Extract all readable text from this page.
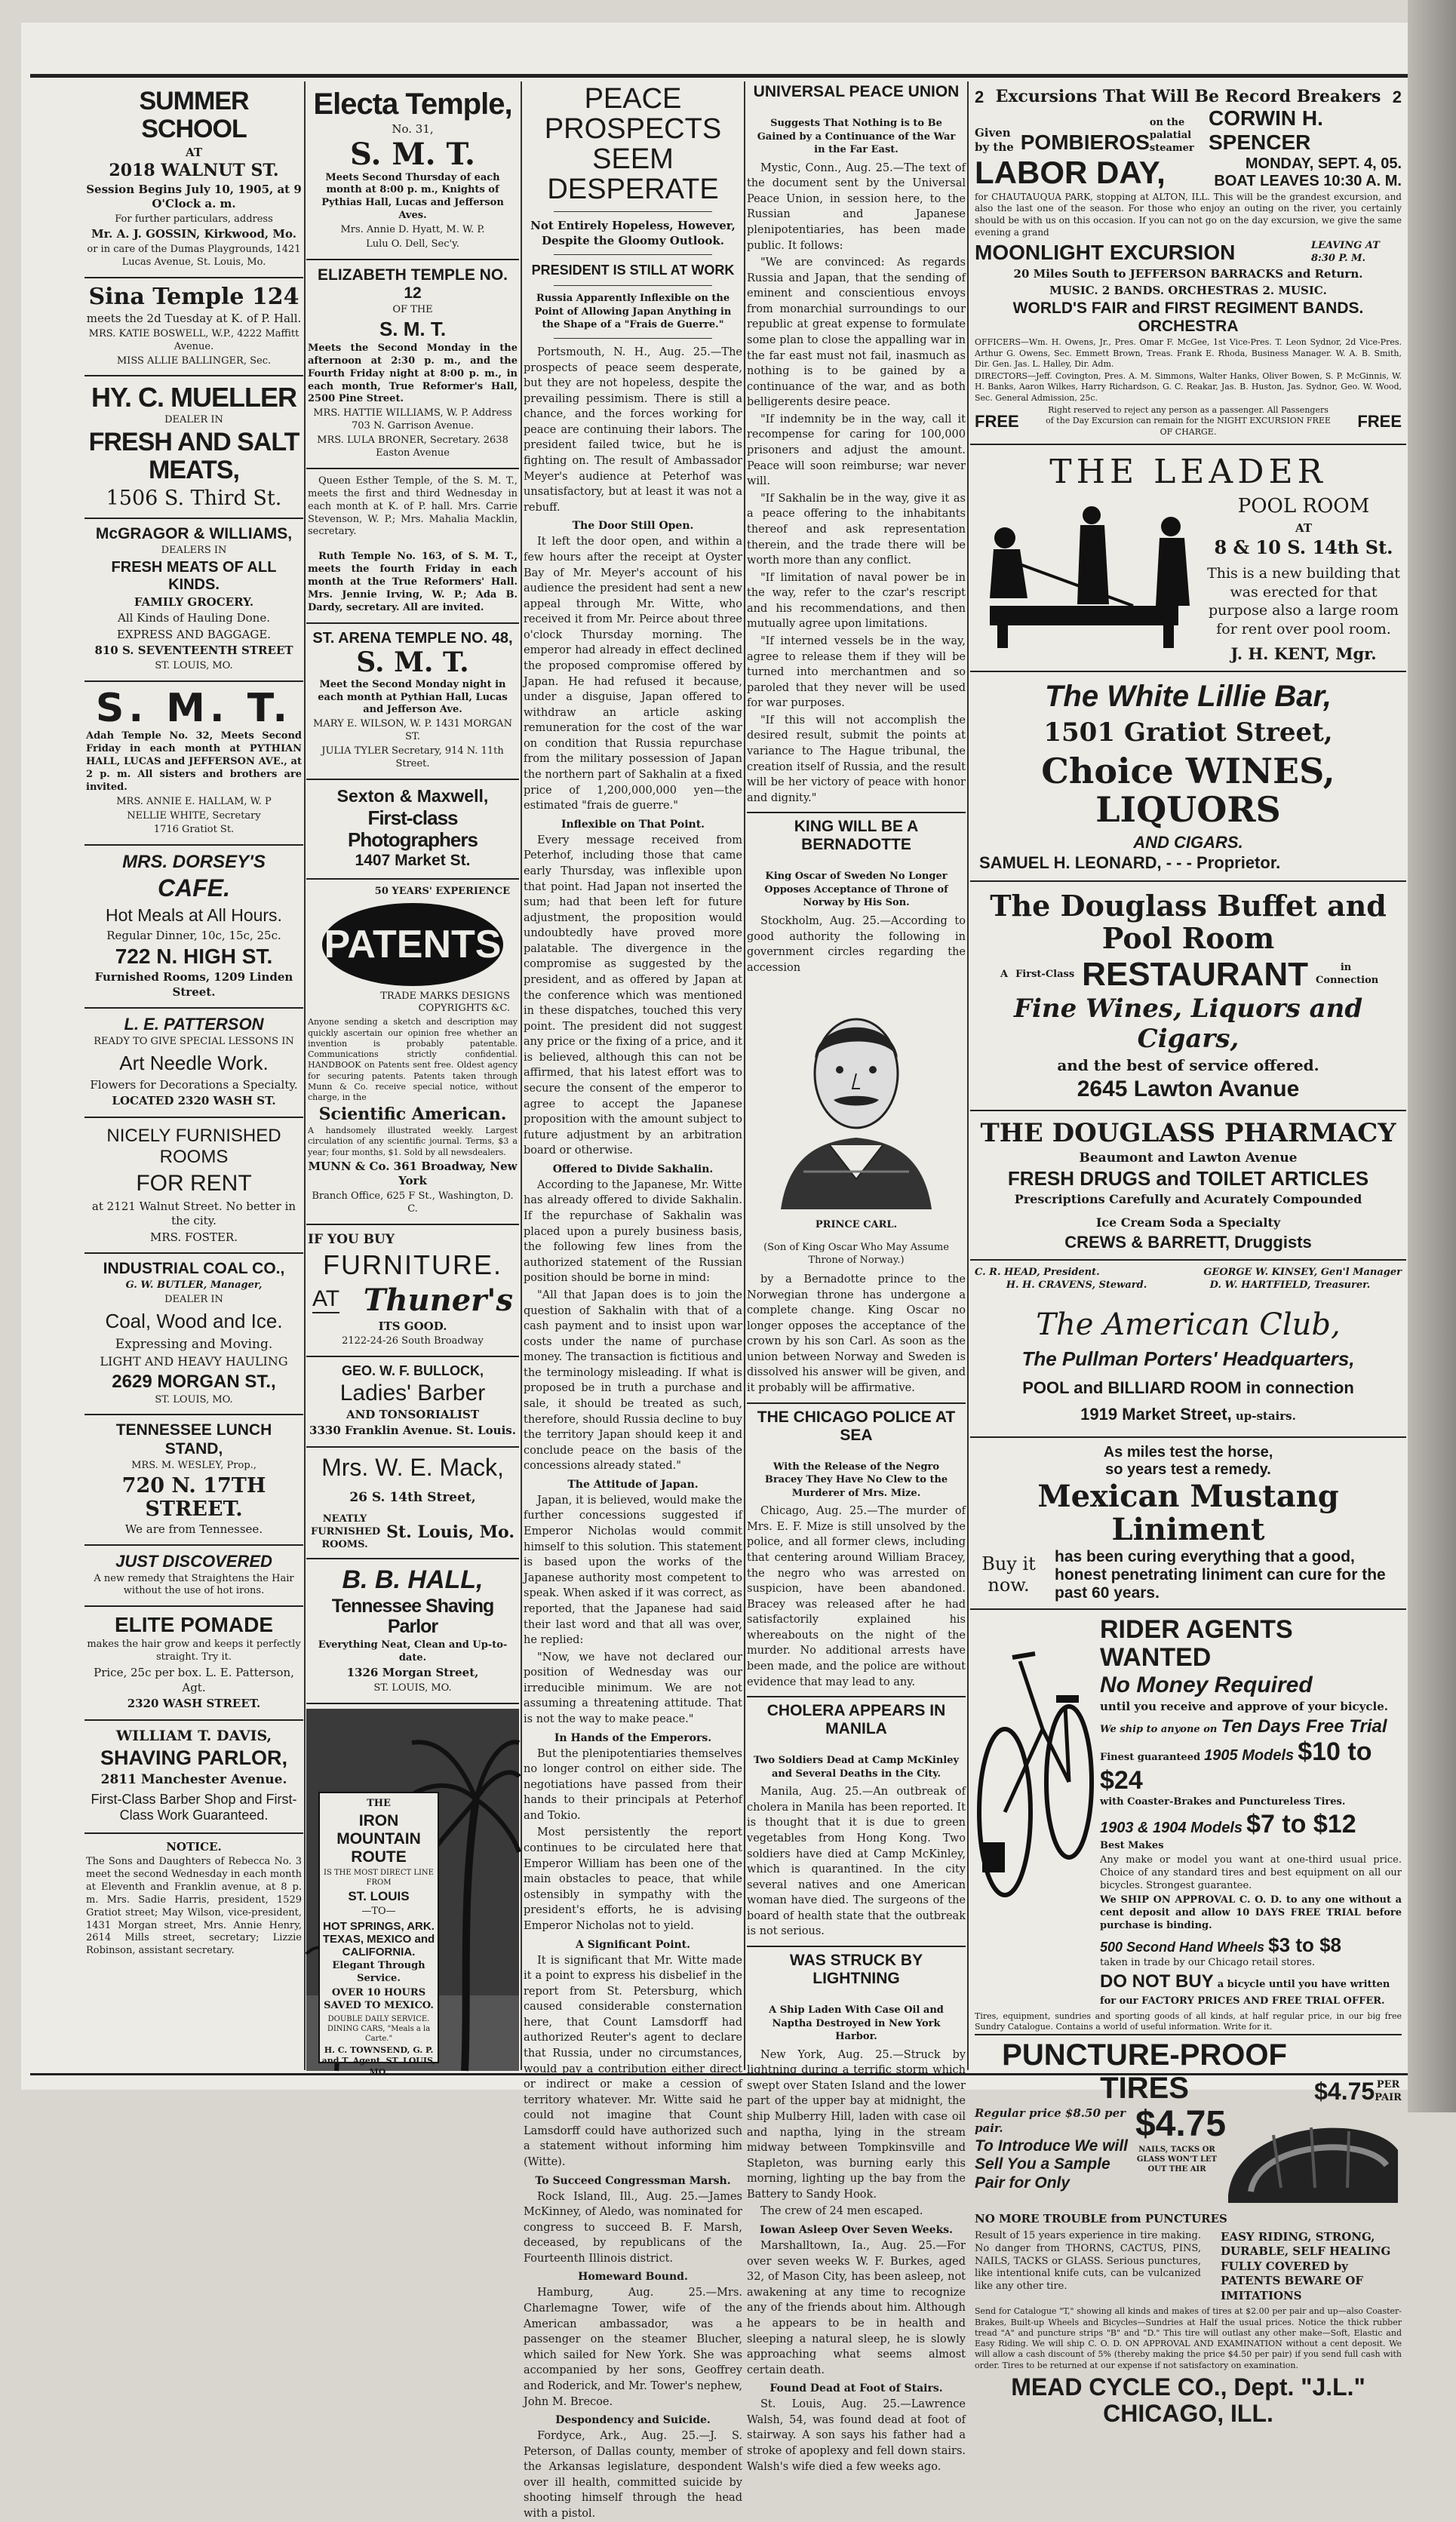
SUMMER SCHOOL

AT

2018 WALNUT ST.

Session Begins July 10, 1905, at 9 O'Clock a. m.

For further particulars, address

Mr. A. J. GOSSIN, Kirkwood, Mo.

or in care of the Dumas Playgrounds, 1421 Lucas Avenue, St. Louis, Mo.

Sina Temple 124

meets the 2d Tuesday at K. of P. Hall.

MRS. KATIE BOSWELL, W.P., 4222 Maffitt Avenue.

MISS ALLIE BALLINGER, Sec.

HY. C. MUELLER

DEALER IN

FRESH AND SALT MEATS,

1506 S. Third St.

McGRAGOR & WILLIAMS,

DEALERS IN

FRESH MEATS OF ALL KINDS.

FAMILY GROCERY.

All Kinds of Hauling Done.

EXPRESS AND BAGGAGE.

810 S. SEVENTEENTH STREET

ST. LOUIS, MO.

S. M. T.

Adah Temple No. 32, Meets Second Friday in each month at PYTHIAN HALL, LUCAS and JEFFERSON AVE., at 2 p. m. All sisters and brothers are invited.

MRS. ANNIE E. HALLAM, W. P

NELLIE WHITE, Secretary

1716 Gratiot St.

MRS. DORSEY'S

CAFE.

Hot Meals at All Hours.

Regular Dinner, 10c, 15c, 25c.

722 N. HIGH ST.

Furnished Rooms, 1209 Linden Street.

L. E. PATTERSON

READY TO GIVE SPECIAL LESSONS IN

Art Needle Work.

Flowers for Decorations a Specialty.

LOCATED 2320 WASH ST.

NICELY FURNISHED ROOMS

FOR RENT

at 2121 Walnut Street. No better in the city.

MRS. FOSTER.

INDUSTRIAL COAL CO.,

G. W. BUTLER, Manager,

DEALER IN

Coal, Wood and Ice.

Expressing and Moving.

LIGHT AND HEAVY HAULING

2629 MORGAN ST.,

ST. LOUIS, MO.

TENNESSEE LUNCH STAND,

MRS. M. WESLEY, Prop.,

720 N. 17TH STREET.

We are from Tennessee.

JUST DISCOVERED

A new remedy that Straightens the Hair without the use of hot irons.

ELITE POMADE

makes the hair grow and keeps it perfectly straight. Try it.

Price, 25c per box. L. E. Patterson, Agt.

2320 WASH STREET.

WILLIAM T. DAVIS,

SHAVING PARLOR,

2811 Manchester Avenue.

First-Class Barber Shop and First-Class Work Guaranteed.

NOTICE.

The Sons and Daughters of Rebecca No. 3 meet the second Wednesday in each month at Eleventh and Franklin avenue, at 8 p. m. Mrs. Sadie Harris, president, 1529 Gratiot street; May Wilson, vice-president, 1431 Morgan street, Mrs. Annie Henry, 2614 Mills street, secretary; Lizzie Robinson, assistant secretary.

Electa Temple,

No. 31,

S. M. T.

Meets Second Thursday of each month at 8:00 p. m., Knights of Pythias Hall, Lucas and Jefferson Aves.

Mrs. Annie D. Hyatt, M. W. P.

Lulu O. Dell, Sec'y.

ELIZABETH TEMPLE NO. 12

OF THE

S. M. T.

Meets the Second Monday in the afternoon at 2:30 p. m., and the Fourth Friday night at 8:00 p. m., in each month, True Reformer's Hall, 2500 Pine Street.

MRS. HATTIE WILLIAMS, W. P. Address 703 N. Garrison Avenue.

MRS. LULA BRONER, Secretary. 2638 Easton Avenue

Queen Esther Temple, of the S. M. T., meets the first and third Wednesday in each month at K. of P. hall. Mrs. Carrie Stevenson, W. P.; Mrs. Mahalia Macklin, secretary.

Ruth Temple No. 163, of S. M. T., meets the fourth Friday in each month at the True Reformers' Hall. Mrs. Jennie Irving, W. P.; Ada B. Dardy, secretary. All are invited.

ST. ARENA TEMPLE NO. 48,

S. M. T.

Meet the Second Monday night in each month at Pythian Hall, Lucas and Jefferson Ave.

MARY E. WILSON, W. P. 1431 MORGAN ST.

JULIA TYLER Secretary, 914 N. 11th Street.

Sexton & Maxwell,

First-class Photographers

1407 Market St.

50 YEARS' EXPERIENCE

PATENTS

TRADE MARKS DESIGNS COPYRIGHTS &C.

Anyone sending a sketch and description may quickly ascertain our opinion free whether an invention is probably patentable. Communications strictly confidential. HANDBOOK on Patents sent free. Oldest agency for securing patents. Patents taken through Munn & Co. receive special notice, without charge, in the

Scientific American.

A handsomely illustrated weekly. Largest circulation of any scientific journal. Terms, $3 a year; four months, $1. Sold by all newsdealers.

MUNN & Co. 361 Broadway, New York

Branch Office, 625 F St., Washington, D. C.

IF YOU BUY

FURNITURE.

AT Thuner's

ITS GOOD.

2122-24-26 South Broadway

GEO. W. F. BULLOCK,

Ladies' Barber

AND TONSORIALIST

3330 Franklin Avenue. St. Louis.

Mrs. W. E. Mack,

26 S. 14th Street,

NEATLY FURNISHED ROOMS.
St. Louis, Mo.

B. B. HALL,

Tennessee Shaving Parlor

Everything Neat, Clean and Up-to-date.

1326 Morgan Street,

ST. LOUIS, MO.

THE

IRON MOUNTAIN ROUTE

IS THE MOST DIRECT LINE FROM

ST. LOUIS

—TO—

HOT SPRINGS, ARK. TEXAS, MEXICO and CALIFORNIA.

Elegant Through Service.

OVER 10 HOURS SAVED TO MEXICO.

DOUBLE DAILY SERVICE. DINING CARS, "Meals a la Carte."

H. C. TOWNSEND, G. P. and T. Agent. ST. LOUIS, MO.

PEACE PROSPECTS SEEM DESPERATE

Not Entirely Hopeless, However, Despite the Gloomy Outlook.

PRESIDENT IS STILL AT WORK

Russia Apparently Inflexible on the Point of Allowing Japan Anything in the Shape of a "Frais de Guerre."

Portsmouth, N. H., Aug. 25.—The prospects of peace seem desperate, but they are not hopeless, despite the prevailing pessimism. There is still a chance, and the forces working for peace are continuing their labors. The president failed twice, but he is fighting on. The result of Ambassador Meyer's audience at Peterhof was unsatisfactory, but at least it was not a rebuff.

The Door Still Open.

It left the door open, and within a few hours after the receipt at Oyster Bay of Mr. Meyer's account of his audience the president had sent a new appeal through Mr. Witte, who received it from Mr. Peirce about three o'clock Thursday morning. The emperor had already in effect declined the proposed compromise offered by Japan. He had refused it because, under a disguise, Japan offered to withdraw an article asking remuneration for the cost of the war on condition that Russia repurchase from the military possession of Japan the northern part of Sakhalin at a fixed price of 1,200,000,000 yen—the estimated "frais de guerre."

Inflexible on That Point.

Every message received from Peterhof, including those that came early Thursday, was inflexible upon that point. Had Japan not inserted the sum; had that been left for future adjustment, the proposition would undoubtedly have proved more palatable. The divergence in the compromise as suggested by the president, and as offered by Japan at the conference which was mentioned in these dispatches, touched this very point. The president did not suggest any price or the fixing of a price, and it is believed, although this can not be affirmed, that his latest effort was to secure the consent of the emperor to agree to accept the Japanese proposition with the amount subject to future adjustment by an arbitration board or otherwise.

Offered to Divide Sakhalin.

According to the Japanese, Mr. Witte has already offered to divide Sakhalin. If the repurchase of Sakhalin was placed upon a purely business basis, the following few lines from the authorized statement of the Russian position should be borne in mind:

"All that Japan does is to join the question of Sakhalin with that of a cash payment and to insist upon war costs under the name of purchase money. The transaction is fictitious and the terminology misleading. If what is proposed be in truth a purchase and sale, it should be treated as such, therefore, should Russia decline to buy the territory Japan should keep it and conclude peace on the basis of the concessions already stated."

The Attitude of Japan.

Japan, it is believed, would make the further concessions suggested if Emperor Nicholas would commit himself to this solution. This statement is based upon the works of the Japanese authority most competent to speak. When asked if it was correct, as reported, that the Japanese had said their last word and that all was over, he replied:

"Now, we have not declared our position of Wednesday was our irreducible minimum. We are not assuming a threatening attitude. That is not the way to make peace."

In Hands of the Emperors.

But the plenipotentiaries themselves no longer control on either side. The negotiations have passed from their hands to their principals at Peterhof and Tokio.

Most persistently the report continues to be circulated here that Emperor William has been one of the main obstacles to peace, that while ostensibly in sympathy with the president's efforts, he is advising Emperor Nicholas not to yield.

A Significant Point.

It is significant that Mr. Witte made it a point to express his disbelief in the report from St. Petersburg, which caused considerable consternation here, that Count Lamsdorff had authorized Reuter's agent to declare that Russia, under no circumstances, would pay a contribution either direct or indirect or make a cession of territory whatever. Mr. Witte said he could not imagine that Count Lamsdorff could have authorized such a statement without informing him (Witte).

To Succeed Congressman Marsh.

Rock Island, Ill., Aug. 25.—James McKinney, of Aledo, was nominated for congress to succeed B. F. Marsh, deceased, by republicans of the Fourteenth Illinois district.

Homeward Bound.

Hamburg, Aug. 25.—Mrs. Charlemagne Tower, wife of the American ambassador, was a passenger on the steamer Blucher, which sailed for New York. She was accompanied by her sons, Geoffrey and Roderick, and Mr. Tower's nephew, John M. Brecoe.

Despondency and Suicide.

Fordyce, Ark., Aug. 25.—J. S. Peterson, of Dallas county, member of the Arkansas legislature, despondent over ill health, committed suicide by shooting himself through the head with a pistol.

UNIVERSAL PEACE UNION

Suggests That Nothing is to Be Gained by a Continuance of the War in the Far East.

Mystic, Conn., Aug. 25.—The text of the document sent by the Universal Peace Union, in session here, to the Russian and Japanese plenipotentiaries, has been made public. It follows:

"We are convinced: As regards Russia and Japan, that the sending of eminent and conscientious envoys from monarchial surroundings to our republic at great expense to formulate some plan to close the appalling war in the far east must not fail, inasmuch as nothing is to be gained by a continuance of the war, and as both belligerents desire peace.

"If indemnity be in the way, call it recompense for caring for 100,000 prisoners and adjust the amount. Peace will soon reimburse; war never will.

"If Sakhalin be in the way, give it as a peace offering to the inhabitants thereof and ask representation therein, and the trade there will be worth more than any conflict.

"If limitation of naval power be in the way, refer to the czar's rescript and his recommendations, and then mutually agree upon limitations.

"If interned vessels be in the way, agree to release them if they will be turned into merchantmen and so paroled that they never will be used for war purposes.

"If this will not accomplish the desired result, submit the points at variance to The Hague tribunal, the creation itself of Russia, and the result will be her victory of peace with honor and dignity."

KING WILL BE A BERNADOTTE

King Oscar of Sweden No Longer Opposes Acceptance of Throne of Norway by His Son.

Stockholm, Aug. 25.—According to good authority the following in government circles regarding the accession

PRINCE CARL.

(Son of King Oscar Who May Assume Throne of Norway.)

by a Bernadotte prince to the Norwegian throne has undergone a complete change. King Oscar no longer opposes the acceptance of the crown by his son Carl. As soon as the union between Norway and Sweden is dissolved his answer will be given, and it probably will be affirmative.

THE CHICAGO POLICE AT SEA

With the Release of the Negro Bracey They Have No Clew to the Murderer of Mrs. Mize.

Chicago, Aug. 25.—The murder of Mrs. E. F. Mize is still unsolved by the police, and all former clews, including that centering around William Bracey, the negro who was arrested on suspicion, have been abandoned. Bracey was released after he had satisfactorily explained his whereabouts on the night of the murder. No additional arrests have been made, and the police are without evidence that may lead to any.

CHOLERA APPEARS IN MANILA

Two Soldiers Dead at Camp McKinley and Several Deaths in the City.

Manila, Aug. 25.—An outbreak of cholera in Manila has been reported. It is thought that it is due to green vegetables from Hong Kong. Two soldiers have died at Camp McKinley, which is quarantined. In the city several natives and one American woman have died. The surgeons of the board of health state that the outbreak is not serious.

WAS STRUCK BY LIGHTNING

A Ship Laden With Case Oil and Naptha Destroyed in New York Harbor.

New York, Aug. 25.—Struck by lightning during a terrific storm which swept over Staten Island and the lower part of the upper bay at midnight, the ship Mulberry Hill, laden with case oil and naptha, lying in the stream midway between Tompkinsville and Stapleton, was burning early this morning, lighting up the bay from the Battery to Sandy Hook.

The crew of 24 men escaped.

Iowan Asleep Over Seven Weeks.

Marshalltown, Ia., Aug. 25.—For over seven weeks W. F. Burkes, aged 32, of Mason City, has been asleep, not awakening at any time to recognize any of the friends about him. Although he appears to be in health and sleeping a natural sleep, he is slowly approaching what seems almost certain death.

Found Dead at Foot of Stairs.

St. Louis, Aug. 25.—Lawrence Walsh, 54, was found dead at foot of stairway. A son says his father had a stroke of apoplexy and fell down stairs. Walsh's wife died a few weeks ago.

2 Excursions That Will Be Record Breakers 2
Given by the POMBIEROS
on the palatial steamer
CORWIN H. SPENCER
LABOR DAY,	MONDAY, SEPT. 4, 05.

BOAT LEAVES 10:30 A. M.

for CHAUTAUQUA PARK, stopping at ALTON, ILL. This will be the grandest excursion, and also the last one of the season. For those who enjoy an outing on the river, you certainly should be with us on this occasion. If you can not go on the day excursion, we give the same evening a grand

MOONLIGHT EXCURSION	LEAVING AT 8:30 P. M.

20 Miles South to JEFFERSON BARRACKS and Return.

MUSIC. 2 BANDS. ORCHESTRAS 2. MUSIC.

WORLD'S FAIR and FIRST REGIMENT BANDS. ORCHESTRA

OFFICERS—Wm. H. Owens, Jr., Pres. Omar F. McGee, 1st Vice-Pres. T. Leon Sydnor, 2d Vice-Pres. Arthur G. Owens, Sec. Emmett Brown, Treas. Frank E. Rhoda, Business Manager. W. A. B. Smith, Dir. Gen. Jas. L. Halley, Dir. Adm.

DIRECTORS—Jeff. Covington, Pres. A. M. Simmons, Walter Hanks, Oliver Bowen, S. P. McGinnis, W. H. Banks, Aaron Wilkes, Harry Richardson, G. C. Reakar, Jas. B. Huston, Jas. Sydnor, Geo. W. Wood, Sec. General Admission, 25c.

FREE
Right reserved to reject any person as a passenger. All Passengers of the Day Excursion can remain for the NIGHT EXCURSION FREE OF CHARGE.
FREE

THE LEADER

POOL ROOM

AT

8 & 10 S. 14th St.

This is a new building that was erected for that purpose also a large room for rent over pool room.

J. H. KENT, Mgr.

The White Lillie Bar,

1501 Gratiot Street,

Choice WINES, LIQUORS

AND CIGARS.

SAMUEL H. LEONARD, - - - Proprietor.

The Douglass Buffet and Pool Room

A First-Class RESTAURANT	in Connection

Fine Wines, Liquors and Cigars,

and the best of service offered.

2645 Lawton Avanue

THE DOUGLASS PHARMACY

Beaumont and Lawton Avenue

FRESH DRUGS and TOILET ARTICLES

Prescriptions Carefully and Acurately Compounded

Ice Cream Soda a Specialty

CREWS & BARRETT, Druggists

C. R. HEAD, President.	GEORGE W. KINSEY, Gen'l Manager
H. H. CRAVENS, Steward.	D. W. HARTFIELD, Treasurer.

The American Club,

The Pullman Porters' Headquarters,

POOL and BILLIARD ROOM in connection

1919 Market Street, up-stairs.

As miles test the horse,

so years test a remedy.

Mexican Mustang Liniment

Buy it now.
has been curing everything that a good, honest penetrating liniment can cure for the past 60 years.

RIDER AGENTS WANTED

No Money Required

until you receive and approve of your bicycle.

We ship to anyone on Ten Days Free Trial

Finest guaranteed 1905 Models $10 to $24

with Coaster-Brakes and Punctureless Tires.

1903 & 1904 Models $7 to $12

Best Makes

Any make or model you want at one-third usual price. Choice of any standard tires and best equipment on all our bicycles. Strongest guarantee.

We SHIP ON APPROVAL C. O. D. to any one without a cent deposit and allow 10 DAYS FREE TRIAL before purchase is binding.

500 Second Hand Wheels $3 to $8

taken in trade by our Chicago retail stores.

DO NOT BUY a bicycle until you have written for our FACTORY PRICES AND FREE TRIAL OFFER.

Tires, equipment, sundries and sporting goods of all kinds, at half regular price, in our big free Sundry Catalogue. Contains a world of useful information. Write for it.

PUNCTURE-PROOF TIRES	$4.75 PER PAIR

Regular price $8.50 per pair.

To Introduce We will Sell You a Sample Pair for Only

$4.75

NAILS, TACKS OR GLASS WON'T LET OUT THE AIR

NO MORE TROUBLE from PUNCTURES

Result of 15 years experience in tire making. No danger from THORNS, CACTUS, PINS, NAILS, TACKS or GLASS. Serious punctures, like intentional knife cuts, can be vulcanized like any other tire.

EASY RIDING, STRONG, DURABLE, SELF HEALING FULLY COVERED by PATENTS BEWARE OF IMITATIONS

Send for Catalogue "T," showing all kinds and makes of tires at $2.00 per pair and up—also Coaster-Brakes, Built-up Wheels and Bicycles—Sundries at Half the usual prices. Notice the thick rubber tread "A" and puncture strips "B" and "D." This tire will outlast any other make—Soft, Elastic and Easy Riding. We will ship C. O. D. ON APPROVAL AND EXAMINATION without a cent deposit. We will allow a cash discount of 5% (thereby making the price $4.50 per pair) if you send full cash with order. Tires to be returned at our expense if not satisfactory on examination.

MEAD CYCLE CO., Dept. "J.L." CHICAGO, ILL.
